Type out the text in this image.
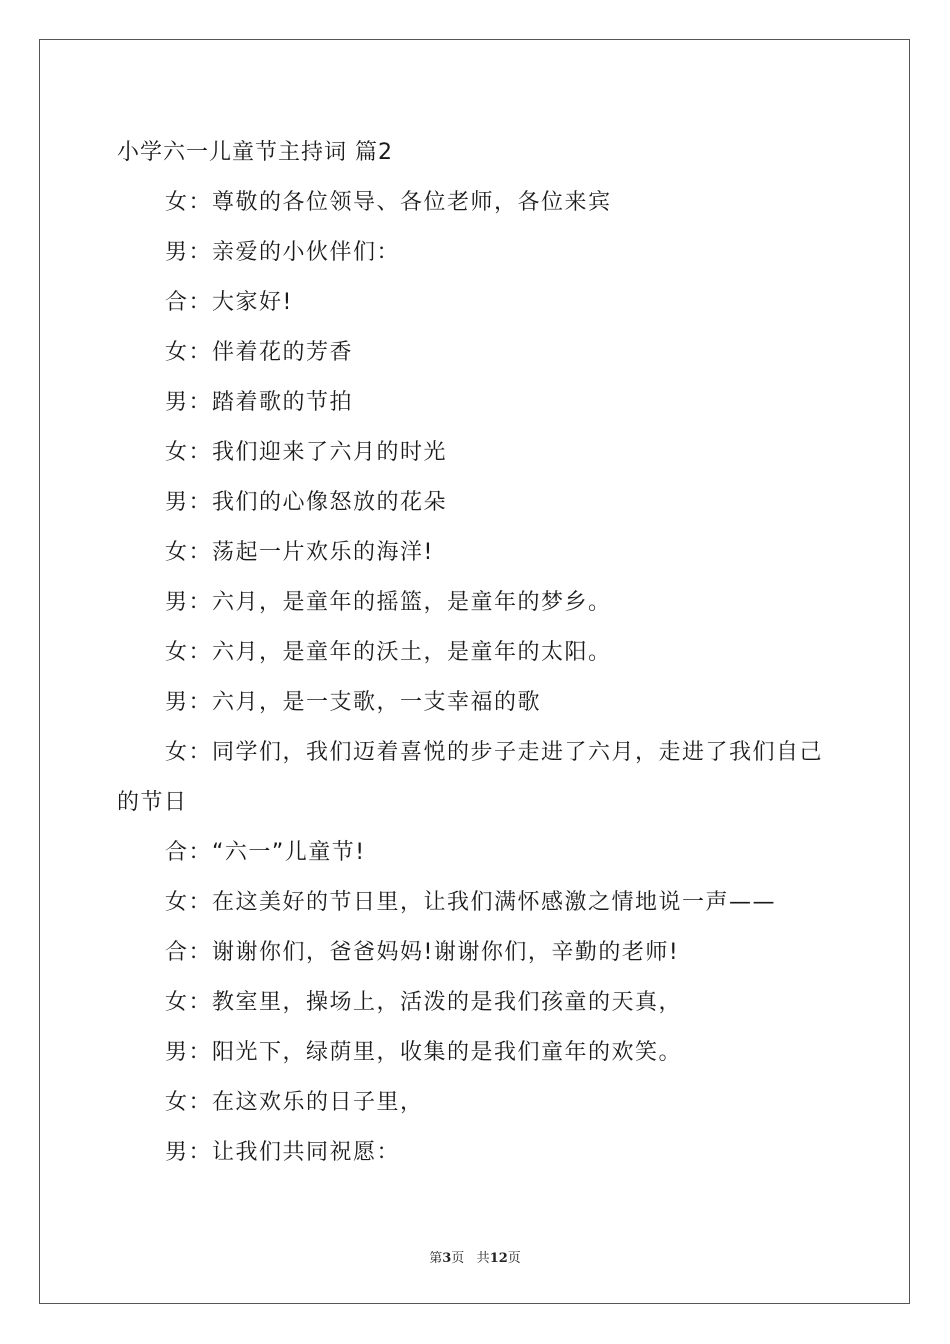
小学六一儿童节主持词 篇2
女：尊敬的各位领导、各位老师，各位来宾
男：亲爱的小伙伴们：
合：大家好!
女：伴着花的芳香
男：踏着歌的节拍
女：我们迎来了六月的时光
男：我们的心像怒放的花朵
女：荡起一片欢乐的海洋!
男：六月，是童年的摇篮，是童年的梦乡。
女：六月，是童年的沃土，是童年的太阳。
男：六月，是一支歌，一支幸福的歌
女：同学们，我们迈着喜悦的步子走进了六月，走进了我们自己的节日
合：“六一”儿童节!
女：在这美好的节日里，让我们满怀感激之情地说一声——
合：谢谢你们，爸爸妈妈!谢谢你们，辛勤的老师!
女：教室里，操场上，活泼的是我们孩童的天真，
男：阳光下，绿荫里，收集的是我们童年的欢笑。
女：在这欢乐的日子里，
男：让我们共同祝愿：
第3页 共12页
